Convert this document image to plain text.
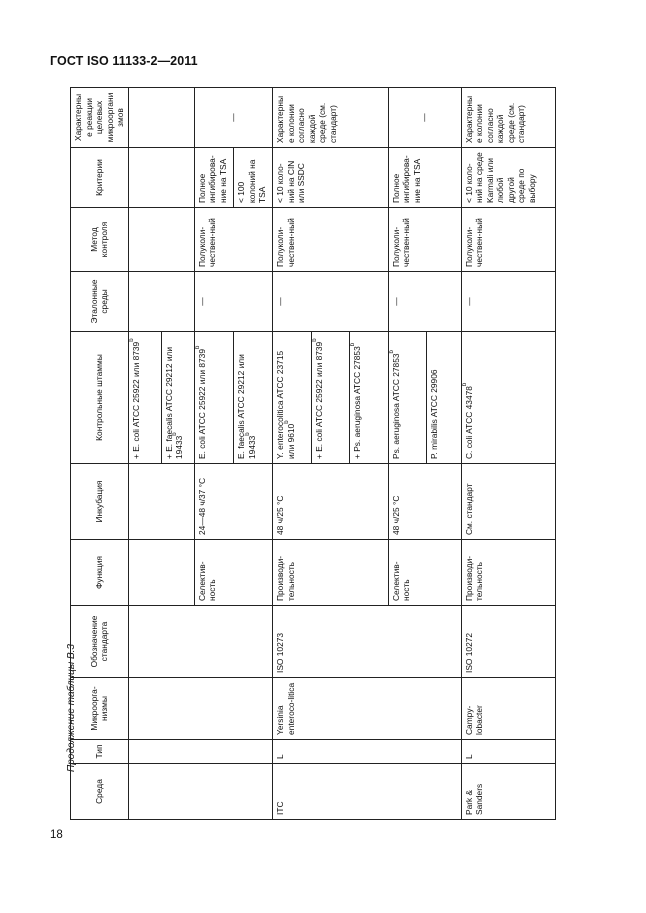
ГОСТ ISO 11133-2—2011
Продолжение таблицы В.3
18
Среда	Тип	Микроорга-низмы	Обозначение стандарта	Функция	Инкубация	Контрольные штаммы	Эталонные среды	Метод контроля	Критерии	Характерные реакции целевых микроорганизмов
						+ E. coli ATCC 25922 или 8739$^b$				
						+ E. faecalis ATCC 29212 или 19433$^b$
				Селектив-ность	24—48 ч/37 °С	E. coli ATCC 25922 или 8739$^b$	—	Полуколи-чествен-ный	Полное ингибирова-ние на TSA	—
						E. faecalis ATCC 29212 или 19433$^b$			< 100 колоний на TSA	
ITC	L	Yersinia enteroco-litica	ISO 10273	Производи-тельность	48 ч/25 °С	Y. enterocolitica ATCC 23715 или 9610$^b$	—	Полуколи-чествен-ный	< 10 коло-ний на CIN или SSDC	Характерные колонии согласно каждой среде (см. стандарт)
						+ E. coli ATCC 25922 или 8739$^b$
						+ Ps. aeruginosa ATCC 27853$^b$
				Селектив-ность	48 ч/25 °С	Ps. aeruginosa ATCC 27853$^b$	—	Полуколи-чествен-ный	Полное ингибирова-ние на TSA	—
						P. mirabilis ATCC 29906				
Park & Sanders	L	Campy-lobacter	ISO 10272	Производи-тельность	См. стандарт	C. coli ATCC 43478$^b$	—	Полуколи-чествен-ный	< 10 коло-ний на среде Karmali или любой другой среде по выбору	Характерные колонии согласно каждой среде (см. стандарт)
